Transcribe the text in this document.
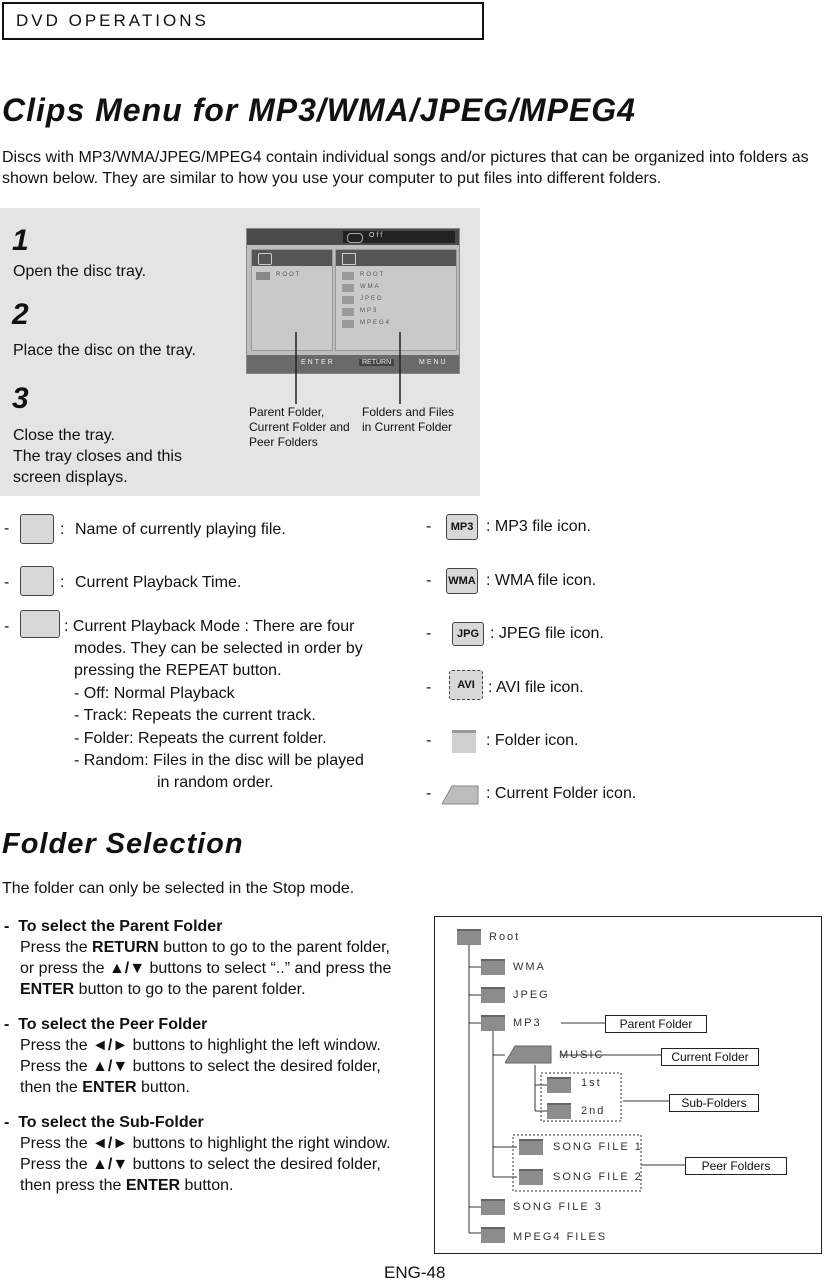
DVD OPERATIONS
Clips Menu for MP3/WMA/JPEG/MPEG4
Discs with MP3/WMA/JPEG/MPEG4 contain individual songs and/or pictures that can be organized into folders as shown below. They are similar to how you use your computer to put files into different folders.
1
Open the disc tray.
2
Place the disc on the tray.
3
Close the tray.
The tray closes and this screen displays.
Off
ROOT	ROOT
WMA
JPEG
MP3
MPEG4
ENTER	RETURN	MENU
Parent Folder, Current Folder and Peer Folders
Folders and Files in Current Folder
-	: Name of currently playing file.
-	: Current Playback Time.
-	: Current Playback Mode : There are four
modes. They can be selected in order by
pressing the REPEAT button.
- Off: Normal Playback
- Track: Repeats the current track.
- Folder: Repeats the current folder.
- Random: Files in the disc will be played
in random order.
-	MP3 : MP3 file icon.
- WMA : WMA file icon.
-	JPG : JPEG file icon.
-	AVI : AVI file icon.
-	: Folder icon.
-	: Current Folder icon.
Folder Selection
The folder can only be selected in the Stop mode.
-  To select the Parent Folder
Press the RETURN button to go to the parent folder, or press the ▲/▼ buttons to select “..” and press the ENTER button to go to the parent folder.
-  To select the Peer Folder
Press the ◄/► buttons to highlight the left window. Press the ▲/▼ buttons to select the desired folder, then the ENTER button.
-  To select the Sub-Folder
Press the ◄/► buttons to highlight the right window. Press the ▲/▼ buttons to select the desired folder, then press the ENTER button.
Root
WMA
JPEG
MP3
MUSIC
1st
2nd
SONG FILE 1
SONG FILE 2
SONG FILE 3
MPEG4 FILES
Parent Folder
Current Folder
Sub-Folders
Peer Folders
ENG-48
